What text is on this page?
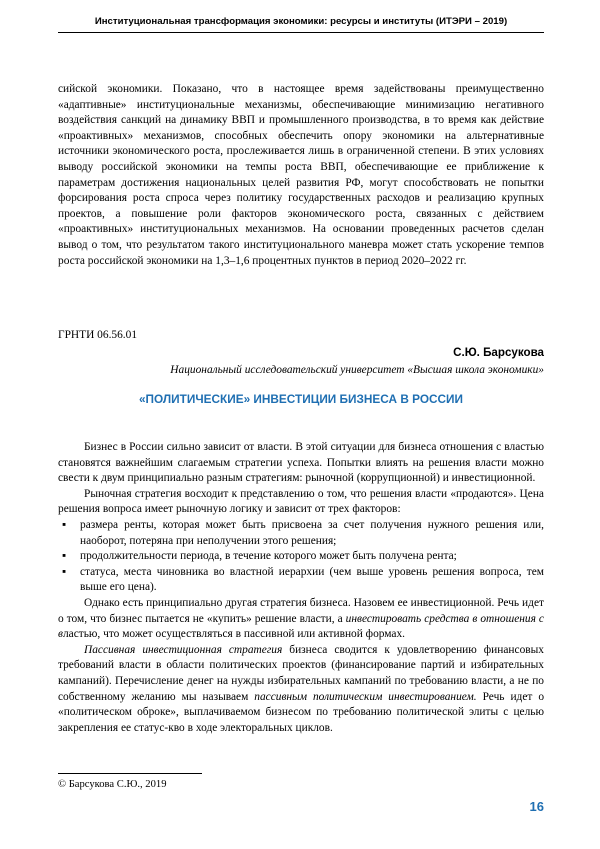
Институциональная трансформация экономики: ресурсы и институты (ИТЭРИ – 2019)

сийской экономики. Показано, что в настоящее время задействованы преимущественно «адаптивные» институциональные механизмы, обеспечивающие минимизацию негативного воздействия санкций на динамику ВВП и промышленного производства, в то время как действие «проактивных» механизмов, способных обеспечить опору экономики на альтернативные источники экономического роста, прослеживается лишь в ограниченной степени. В этих условиях выводу российской экономики на темпы роста ВВП, обеспечивающие ее приближение к параметрам достижения национальных целей развития РФ, могут способствовать не попытки форсирования роста спроса через политику государственных расходов и реализацию крупных проектов, а повышение роли факторов экономического роста, связанных с действием «проактивных» институциональных механизмов. На основании проведенных расчетов сделан вывод о том, что результатом такого институционального маневра может стать ускорение темпов роста российской экономики на 1,3–1,6 процентных пунктов в период 2020–2022 гг.

ГРНТИ 06.56.01
С.Ю. Барсукова
Национальный исследовательский университет «Высшая школа экономики»
«ПОЛИТИЧЕСКИЕ» ИНВЕСТИЦИИ БИЗНЕСА В РОССИИ

Бизнес в России сильно зависит от власти. В этой ситуации для бизнеса отношения с властью становятся важнейшим слагаемым стратегии успеха. Попытки влиять на решения власти можно свести к двум принципиально разным стратегиям: рыночной (коррупционной) и инвестиционной.

Рыночная стратегия восходит к представлению о том, что решения власти «продаются». Цена решения вопроса имеет рыночную логику и зависит от трех факторов:

▪ размера ренты, которая может быть присвоена за счет получения нужного решения или, наоборот, потеряна при неполучении этого решения;
▪ продолжительности периода, в течение которого может быть получена рента;
▪ статуса, места чиновника во властной иерархии (чем выше уровень решения вопроса, тем выше его цена).

Однако есть принципиально другая стратегия бизнеса. Назовем ее инвестиционной. Речь идет о том, что бизнес пытается не «купить» решение власти, а инвестировать средства в отношения с властью, что может осуществляться в пассивной или активной формах.

Пассивная инвестиционная стратегия бизнеса сводится к удовлетворению финансовых требований власти в области политических проектов (финансирование партий и избирательных кампаний). Перечисление денег на нужды избирательных кампаний по требованию власти, а не по собственному желанию мы называем пассивным политическим инвестированием. Речь идет о «политическом оброке», выплачиваемом бизнесом по требованию политической элиты с целью закрепления ее статус-кво в ходе электоральных циклов.

© Барсукова С.Ю., 2019
16
